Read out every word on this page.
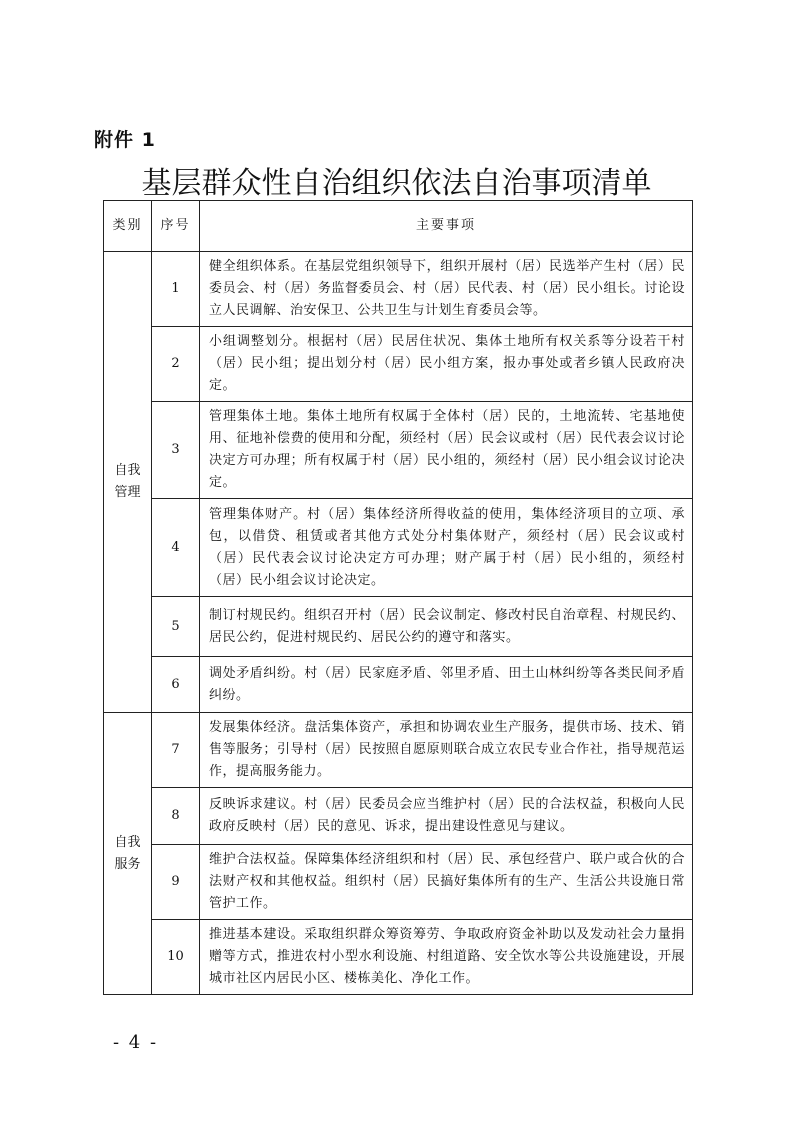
附件 1
基层群众性自治组织依法自治事项清单
类别	序号	主要事项
自我
管理	1	健全组织体系。在基层党组织领导下，组织开展村（居）民选举产生村（居）民委员会、村（居）务监督委员会、村（居）民代表、村（居）民小组长。讨论设立人民调解、治安保卫、公共卫生与计划生育委员会等。
	2	小组调整划分。根据村（居）民居住状况、集体土地所有权关系等分设若干村（居）民小组；提出划分村（居）民小组方案，报办事处或者乡镇人民政府决定。
	3	管理集体土地。集体土地所有权属于全体村（居）民的，土地流转、宅基地使用、征地补偿费的使用和分配，须经村（居）民会议或村（居）民代表会议讨论决定方可办理；所有权属于村（居）民小组的，须经村（居）民小组会议讨论决定。
	4	管理集体财产。村（居）集体经济所得收益的使用，集体经济项目的立项、承包，以借贷、租赁或者其他方式处分村集体财产，须经村（居）民会议或村（居）民代表会议讨论决定方可办理；财产属于村（居）民小组的，须经村（居）民小组会议讨论决定。
	5	制订村规民约。组织召开村（居）民会议制定、修改村民自治章程、村规民约、居民公约，促进村规民约、居民公约的遵守和落实。
	6	调处矛盾纠纷。村（居）民家庭矛盾、邻里矛盾、田土山林纠纷等各类民间矛盾纠纷。
自我
服务	7	发展集体经济。盘活集体资产，承担和协调农业生产服务，提供市场、技术、销售等服务；引导村（居）民按照自愿原则联合成立农民专业合作社，指导规范运作，提高服务能力。
	8	反映诉求建议。村（居）民委员会应当维护村（居）民的合法权益，积极向人民政府反映村（居）民的意见、诉求，提出建设性意见与建议。
	9	维护合法权益。保障集体经济组织和村（居）民、承包经营户、联户或合伙的合法财产权和其他权益。组织村（居）民搞好集体所有的生产、生活公共设施日常管护工作。
	10	推进基本建设。采取组织群众筹资筹劳、争取政府资金补助以及发动社会力量捐赠等方式，推进农村小型水利设施、村组道路、安全饮水等公共设施建设，开展城市社区内居民小区、楼栋美化、净化工作。
- 4 -
